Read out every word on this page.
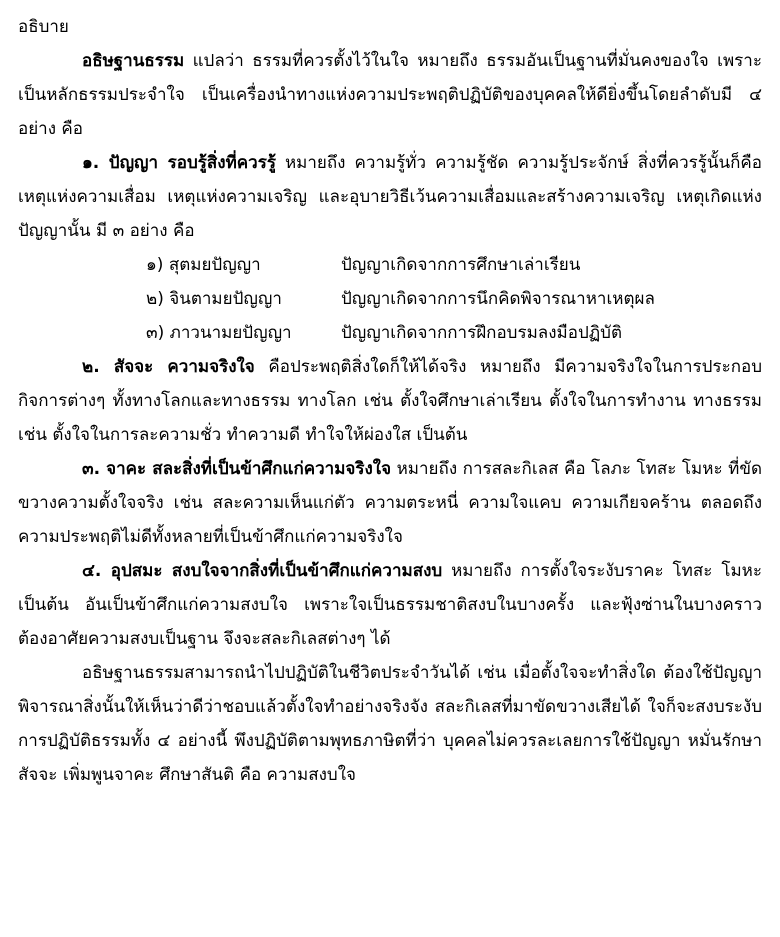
อธิบาย

อธิษฐานธรรม แปลว่า ธรรมที่ควรตั้งไว้ในใจ หมายถึง ธรรมอันเป็นฐานที่มั่นคงของใจ เพราะเป็นหลักธรรมประจำใจ เป็นเครื่องนำทางแห่งความประพฤติปฏิบัติของบุคคลให้ดียิ่งขึ้นโดยลำดับมี ๔ อย่าง คือ

๑. ปัญญา รอบรู้สิ่งที่ควรรู้ หมายถึง ความรู้ทั่ว ความรู้ชัด ความรู้ประจักษ์ สิ่งที่ควรรู้นั้นก็คือ เหตุแห่งความเสื่อม เหตุแห่งความเจริญ และอุบายวิธีเว้นความเสื่อมและสร้างความเจริญ เหตุเกิดแห่งปัญญานั้น มี ๓ อย่าง คือ

๑) สุตมยปัญญา	ปัญญาเกิดจากการศึกษาเล่าเรียน
๒) จินตามยปัญญา	ปัญญาเกิดจากการนึกคิดพิจารณาหาเหตุผล
๓) ภาวนามยปัญญา	ปัญญาเกิดจากการฝึกอบรมลงมือปฏิบัติ

๒. สัจจะ ความจริงใจ คือประพฤติสิ่งใดก็ให้ได้จริง หมายถึง มีความจริงใจในการประกอบกิจการต่างๆ ทั้งทางโลกและทางธรรม ทางโลก เช่น ตั้งใจศึกษาเล่าเรียน ตั้งใจในการทำงาน ทางธรรม เช่น ตั้งใจในการละความชั่ว ทำความดี ทำใจให้ผ่องใส เป็นต้น

๓. จาคะ สละสิ่งที่เป็นข้าศึกแก่ความจริงใจ หมายถึง การสละกิเลส คือ โลภะ โทสะ โมหะ ที่ขัดขวางความตั้งใจจริง เช่น สละความเห็นแก่ตัว ความตระหนี่ ความใจแคบ ความเกียจคร้าน ตลอดถึงความประพฤติไม่ดีทั้งหลายที่เป็นข้าศึกแก่ความจริงใจ

๔. อุปสมะ สงบใจจากสิ่งที่เป็นข้าศึกแก่ความสงบ หมายถึง การตั้งใจระงับราคะ โทสะ โมหะ เป็นต้น อันเป็นข้าศึกแก่ความสงบใจ เพราะใจเป็นธรรมชาติสงบในบางครั้ง และฟุ้งซ่านในบางคราว ต้องอาศัยความสงบเป็นฐาน จึงจะสละกิเลสต่างๆ ได้

อธิษฐานธรรมสามารถนำไปปฏิบัติในชีวิตประจำวันได้ เช่น เมื่อตั้งใจจะทำสิ่งใด ต้องใช้ปัญญาพิจารณาสิ่งนั้นให้เห็นว่าดีว่าชอบแล้วตั้งใจทำอย่างจริงจัง สละกิเลสที่มาขัดขวางเสียได้ ใจก็จะสงบระงับ การปฏิบัติธรรมทั้ง ๔ อย่างนี้ พึงปฏิบัติตามพุทธภาษิตที่ว่า บุคคลไม่ควรละเลยการใช้ปัญญา หมั่นรักษาสัจจะ เพิ่มพูนจาคะ ศึกษาสันติ คือ ความสงบใจ
